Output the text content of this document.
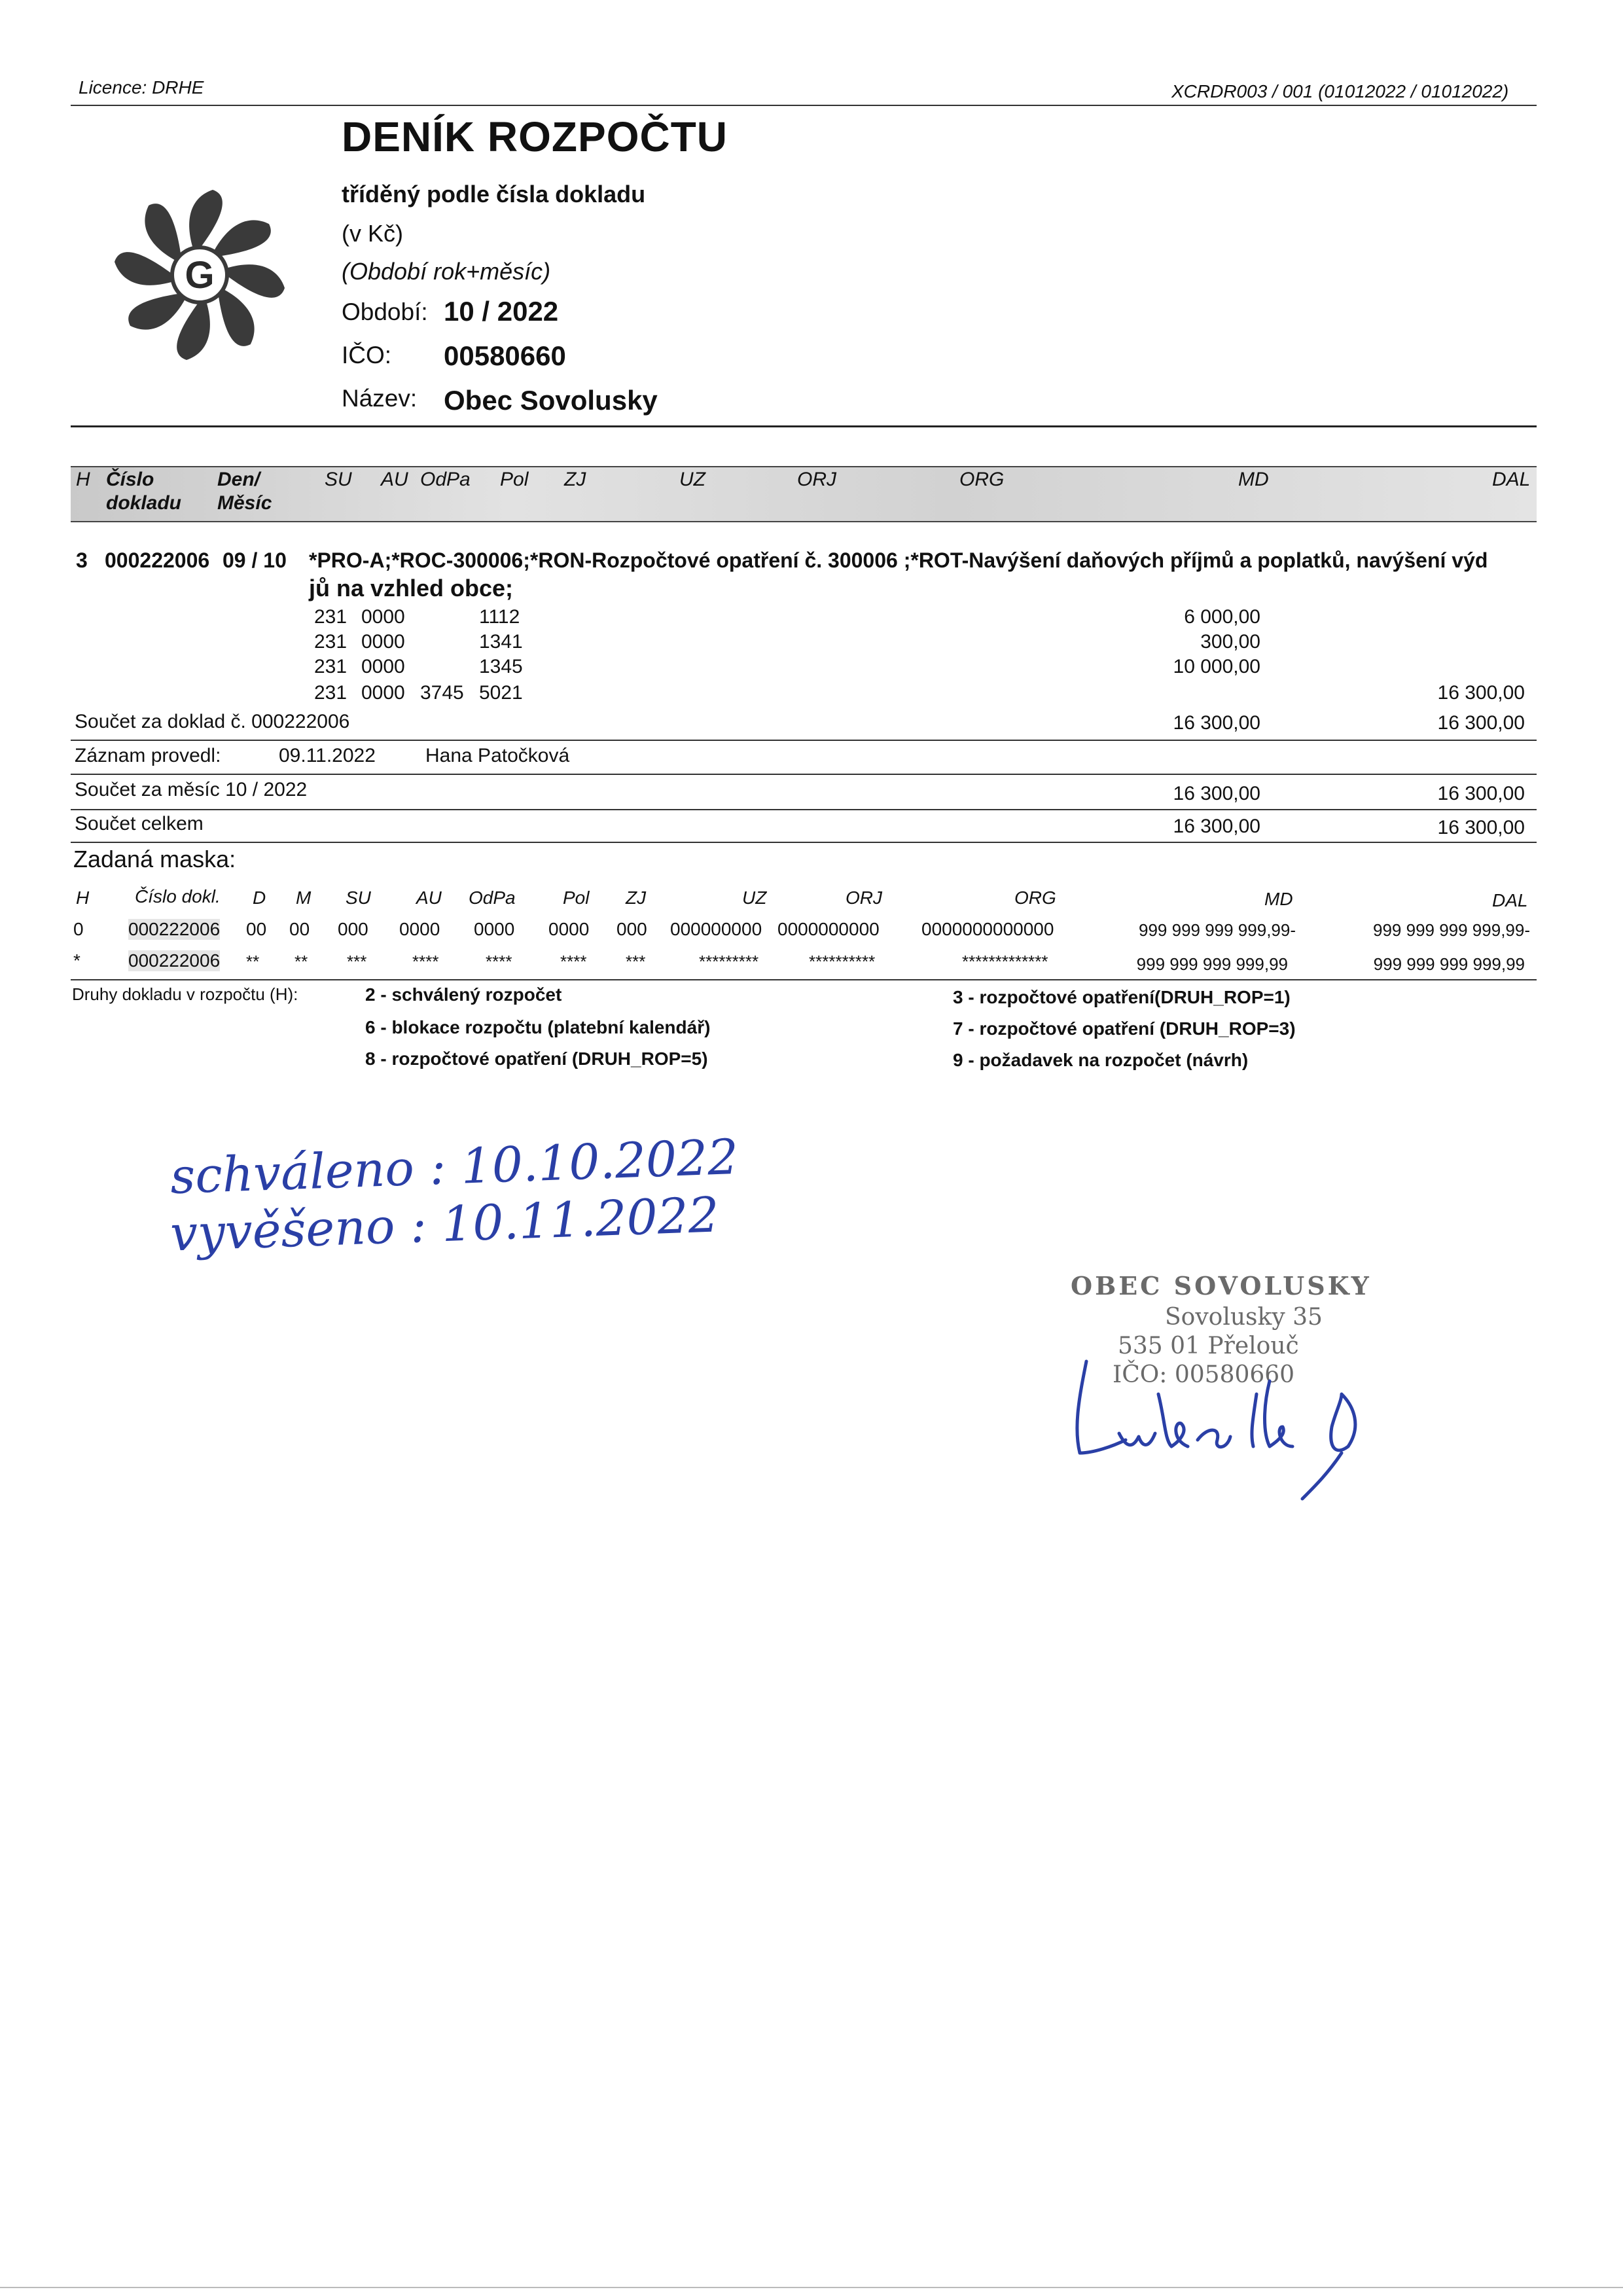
Licence: DRHE	XCRDR003 / 001 (01012022 / 01012022)
G
DENÍK ROZPOČTU
tříděný podle čísla dokladu
(v Kč)
(Období rok+měsíc)
Období: 10 / 2022
IČO: 00580660
Název: Obec Sovolusky
H Číslo
dokladu
Den/
Měsíc
SU AU OdPa Pol ZJ	UZ	ORJ	ORG	MD	DAL
3 000222006 09 / 10 *PRO-A;*ROC-300006;*RON-Rozpočtové opatření č. 300006 ;*ROT-Navýšení daňových příjmů a poplatků, navýšení výd
jů na vzhled obce;
231 0000	1112	6 000,00
231 0000	1341	300,00
231 0000	1345	10 000,00
231 0000 3745 5021	16 300,00
Součet za doklad č. 000222006	16 300,00	16 300,00
Záznam provedl:	09.11.2022	Hana Patočková
Součet za měsíc 10 / 2022	16 300,00	16 300,00
Součet celkem	16 300,00	16 300,00
Zadaná maska:
H Číslo dokl. D M SU AU OdPa	Pol ZJ	UZ	ORJ	ORG	MD	DAL
0 000222006 00 00 000 0000 0000 0000 000 000000000 0000000000 0000000000000	999 999 999 999,99-	999 999 999 999,99-
*	000222006 ** ** ***	****	****	**** ***	*********	**********	*************	999 999 999 999,99	999 999 999 999,99
Druhy dokladu v rozpočtu (H):	2 - schválený rozpočet
6 - blokace rozpočtu (platební kalendář)
8 - rozpočtové opatření (DRUH_ROP=5)
3 - rozpočtové opatření(DRUH_ROP=1)
7 - rozpočtové opatření (DRUH_ROP=3)
9 - požadavek na rozpočet (návrh)
schváleno : 10.10.2022
vyvěšeno : 10.11.2022
OBEC SOVOLUSKY
Sovolusky 35
535 01 Přelouč
IČO: 00580660
